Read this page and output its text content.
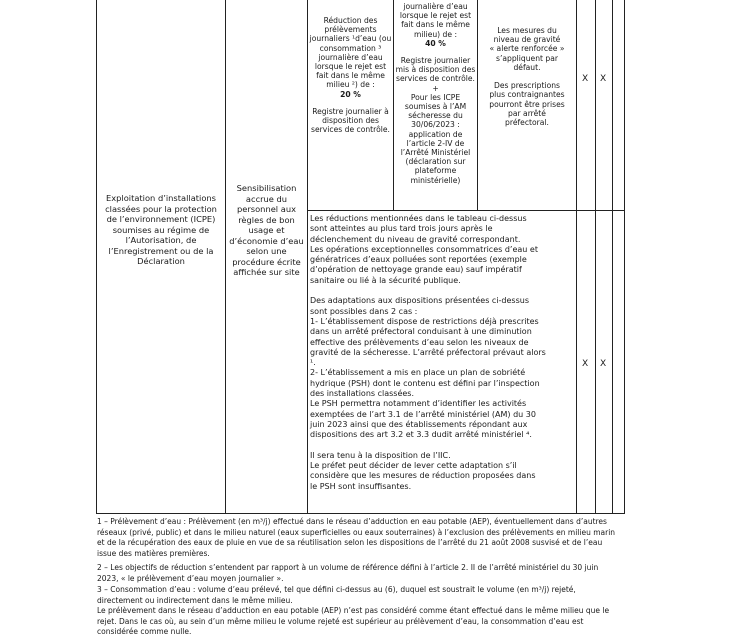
Exploitation d’installations
classées pour la protection
de l’environnement (ICPE)
soumises au régime de
l’Autorisation, de
l’Enregistrement ou de la
Déclaration
Sensibilisation
accrue du
personnel aux
règles de bon
usage et
d’économie d’eau
selon une
procédure écrite
affichée sur site
Réduction des
prélèvements
journaliers ¹d’eau (ou
consommation ³
journalière d’eau
lorsque le rejet est
fait dans le même
milieu ²) de :
20 %
Registre journalier à
disposition des
services de contrôle.
journalière d’eau
lorsque le rejet est
fait dans le même
milieu) de :
40 %
Registre journalier
mis à disposition des
services de contrôle.
+
Pour les ICPE
soumises à l’AM
sécheresse du
30/06/2023 :
application de
l’article 2-IV de
l’Arrêté Ministériel
(déclaration sur
plateforme
ministérielle)
Les mesures du
niveau de gravité
« alerte renforcée »
s’appliquent par
défaut.
Des prescriptions
plus contraignantes
pourront être prises
par arrêté
préfectoral.
X X
X X
Les réductions mentionnées dans le tableau ci-dessus
sont atteintes au plus tard trois jours après le
déclenchement du niveau de gravité correspondant.
Les opérations exceptionnelles consommatrices d’eau et
génératrices d’eaux polluées sont reportées (exemple
d’opération de nettoyage grande eau) sauf impératif
sanitaire ou lié à la sécurité publique.
Des adaptations aux dispositions présentées ci-dessus
sont possibles dans 2 cas :
1- L’établissement dispose de restrictions déjà prescrites
dans un arrêté préfectoral conduisant à une diminution
effective des prélèvements d’eau selon les niveaux de
gravité de la sécheresse. L’arrêté préfectoral prévaut alors
¹.
2- L’établissement a mis en place un plan de sobriété
hydrique (PSH) dont le contenu est défini par l’inspection
des installations classées.
Le PSH permettra notamment d’identifier les activités
exemptées de l’art 3.1 de l’arrêté ministériel (AM) du 30
juin 2023 ainsi que des établissements répondant aux
dispositions des art 3.2 et 3.3 dudit arrêté ministériel ⁴.
Il sera tenu à la disposition de l’IIC.
Le préfet peut décider de lever cette adaptation s’il
considère que les mesures de réduction proposées dans
le PSH sont insuffisantes.
1 – Prélèvement d’eau : Prélèvement (en m³/j) effectué dans le réseau d’adduction en eau potable (AEP), éventuellement dans d’autres
réseaux (privé, public) et dans le milieu naturel (eaux superficielles ou eaux souterraines) à l’exclusion des prélèvements en milieu marin
et de la récupération des eaux de pluie en vue de sa réutilisation selon les dispositions de l’arrêté du 21 août 2008 susvisé et de l’eau
issue des matières premières.
2 – Les objectifs de réduction s’entendent par rapport à un volume de référence défini à l’article 2. II de l’arrêté ministériel du 30 juin
2023, « le prélèvement d’eau moyen journalier ».
3 – Consommation d’eau : volume d’eau prélevé, tel que défini ci-dessus au (6), duquel est soustrait le volume (en m³/j) rejeté,
directement ou indirectement dans le même milieu.
Le prélèvement dans le réseau d’adduction en eau potable (AEP) n’est pas considéré comme étant effectué dans le même milieu que le
rejet. Dans le cas où, au sein d’un même milieu le volume rejeté est supérieur au prélèvement d’eau, la consommation d’eau est
considérée comme nulle.
